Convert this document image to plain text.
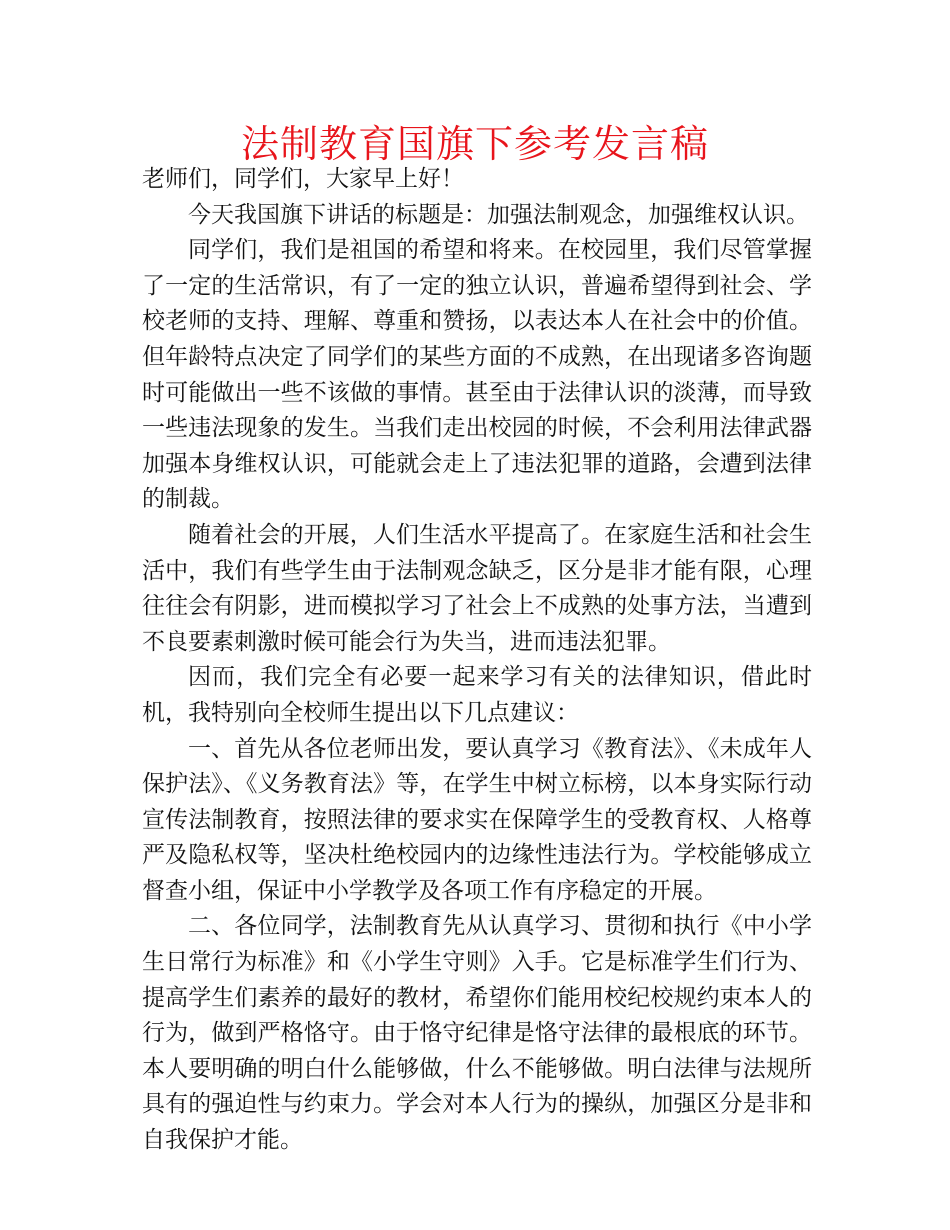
法制教育国旗下参考发言稿

老师们，同学们，大家早上好！

今天我国旗下讲话的标题是：加强法制观念，加强维权认识。

同学们，我们是祖国的希望和将来。在校园里，我们尽管掌握了一定的生活常识，有了一定的独立认识，普遍希望得到社会、学校老师的支持、理解、尊重和赞扬，以表达本人在社会中的价值。但年龄特点决定了同学们的某些方面的不成熟，在出现诸多咨询题时可能做出一些不该做的事情。甚至由于法律认识的淡薄，而导致一些违法现象的发生。当我们走出校园的时候，不会利用法律武器加强本身维权认识，可能就会走上了违法犯罪的道路，会遭到法律的制裁。

随着社会的开展，人们生活水平提高了。在家庭生活和社会生活中，我们有些学生由于法制观念缺乏，区分是非才能有限，心理往往会有阴影，进而模拟学习了社会上不成熟的处事方法，当遭到不良要素刺激时候可能会行为失当，进而违法犯罪。

因而，我们完全有必要一起来学习有关的法律知识，借此时机，我特别向全校师生提出以下几点建议：

一、首先从各位老师出发，要认真学习《教育法》、《未成年人保护法》、《义务教育法》等，在学生中树立标榜，以本身实际行动宣传法制教育，按照法律的要求实在保障学生的受教育权、人格尊严及隐私权等，坚决杜绝校园内的边缘性违法行为。学校能够成立督查小组，保证中小学教学及各项工作有序稳定的开展。

二、各位同学，法制教育先从认真学习、贯彻和执行《中小学生日常行为标准》和《小学生守则》入手。它是标准学生们行为、提高学生们素养的最好的教材，希望你们能用校纪校规约束本人的行为，做到严格恪守。由于恪守纪律是恪守法律的最根底的环节。本人要明确的明白什么能够做，什么不能够做。明白法律与法规所具有的强迫性与约束力。学会对本人行为的操纵，加强区分是非和自我保护才能。
